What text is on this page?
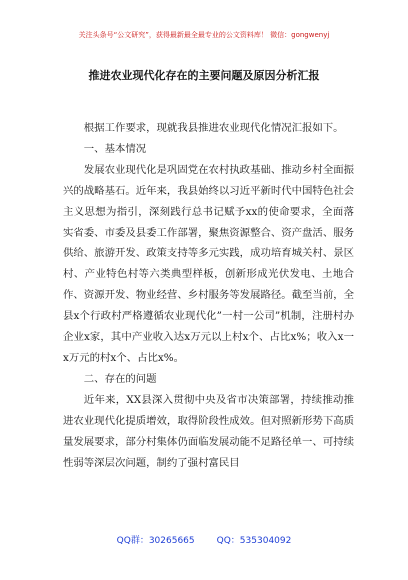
关注头条号“公文研究”，获得最新最全最专业的公文资料库！ 微信：gongwenyj
推进农业现代化存在的主要问题及原因分析汇报

根据工作要求，现就我县推进农业现代化情况汇报如下。

一、基本情况

发展农业现代化是巩固党在农村执政基础、推动乡村全面振兴的战略基石。近年来，我县始终以习近平新时代中国特色社会主义思想为指引，深刻践行总书记赋予xx的使命要求，全面落实省委、市委及县委工作部署，聚焦资源整合、资产盘活、服务供给、旅游开发、政策支持等多元实践，成功培育城关村、景区村、产业特色村等六类典型样板，创新形成光伏发电、土地合作、资源开发、物业经营、乡村服务等发展路径。截至当前，全县x个行政村严格遵循农业现代化”一村一公司”机制，注册村办企业x家，其中产业收入达x万元以上村x个、占比x%；收入x一x万元的村x个、占比x%。

二、存在的问题

近年来，XX县深入贯彻中央及省市决策部署，持续推动推进农业现代化提质增效，取得阶段性成效。但对照新形势下高质量发展要求，部分村集体仍面临发展动能不足路径单一、可持续性弱等深层次问题，制约了强村富民目

QQ群：30265665 QQ：535304092
